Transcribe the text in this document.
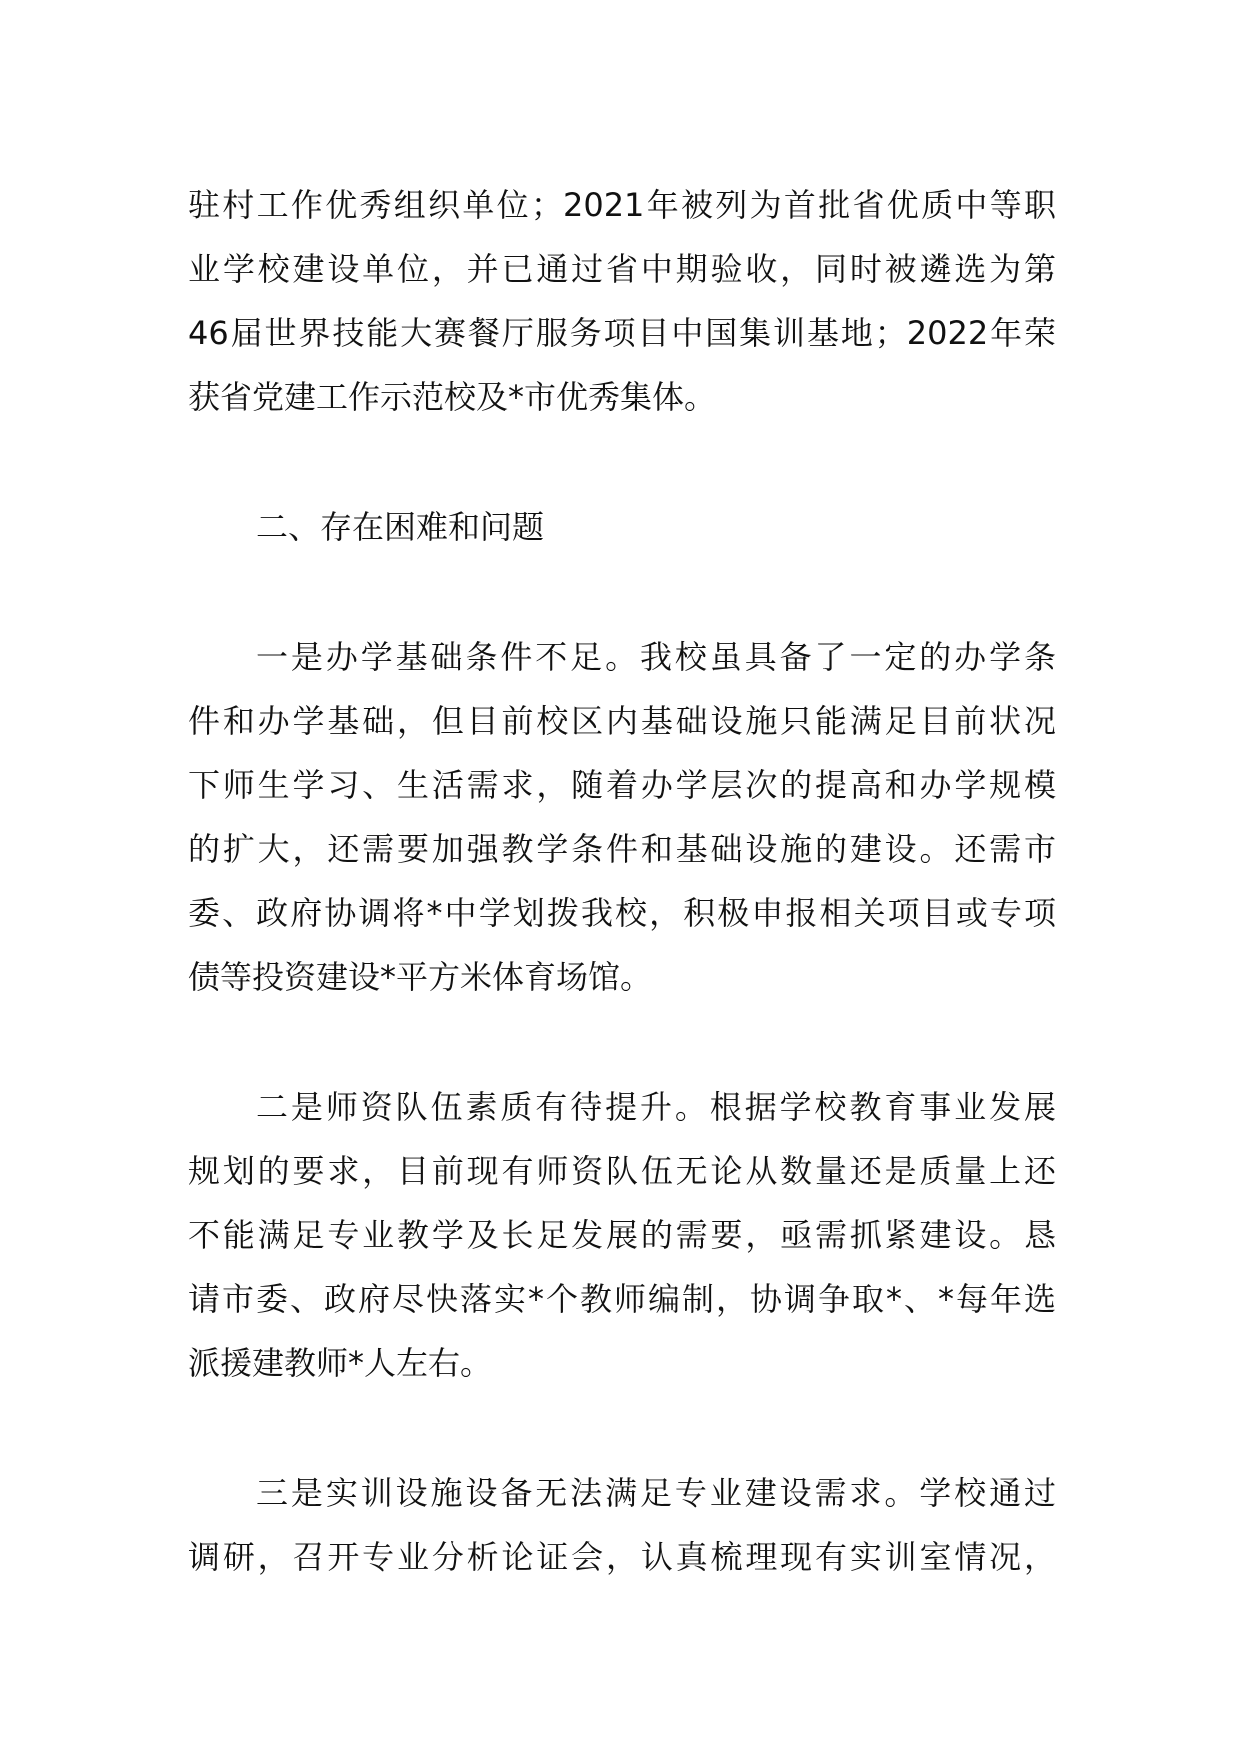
驻村工作优秀组织单位；2021年被列为首批省优质中等职
业学校建设单位，并已通过省中期验收，同时被遴选为第
46届世界技能大赛餐厅服务项目中国集训基地；2022年荣
获省党建工作示范校及*市优秀集体。
二、存在困难和问题
一是办学基础条件不足。我校虽具备了一定的办学条
件和办学基础，但目前校区内基础设施只能满足目前状况
下师生学习、生活需求，随着办学层次的提高和办学规模
的扩大，还需要加强教学条件和基础设施的建设。还需市
委、政府协调将*中学划拨我校，积极申报相关项目或专项
债等投资建设*平方米体育场馆。
二是师资队伍素质有待提升。根据学校教育事业发展
规划的要求，目前现有师资队伍无论从数量还是质量上还
不能满足专业教学及长足发展的需要，亟需抓紧建设。恳
请市委、政府尽快落实*个教师编制，协调争取*、*每年选
派援建教师*人左右。
三是实训设施设备无法满足专业建设需求。学校通过
调研，召开专业分析论证会，认真梳理现有实训室情况，
